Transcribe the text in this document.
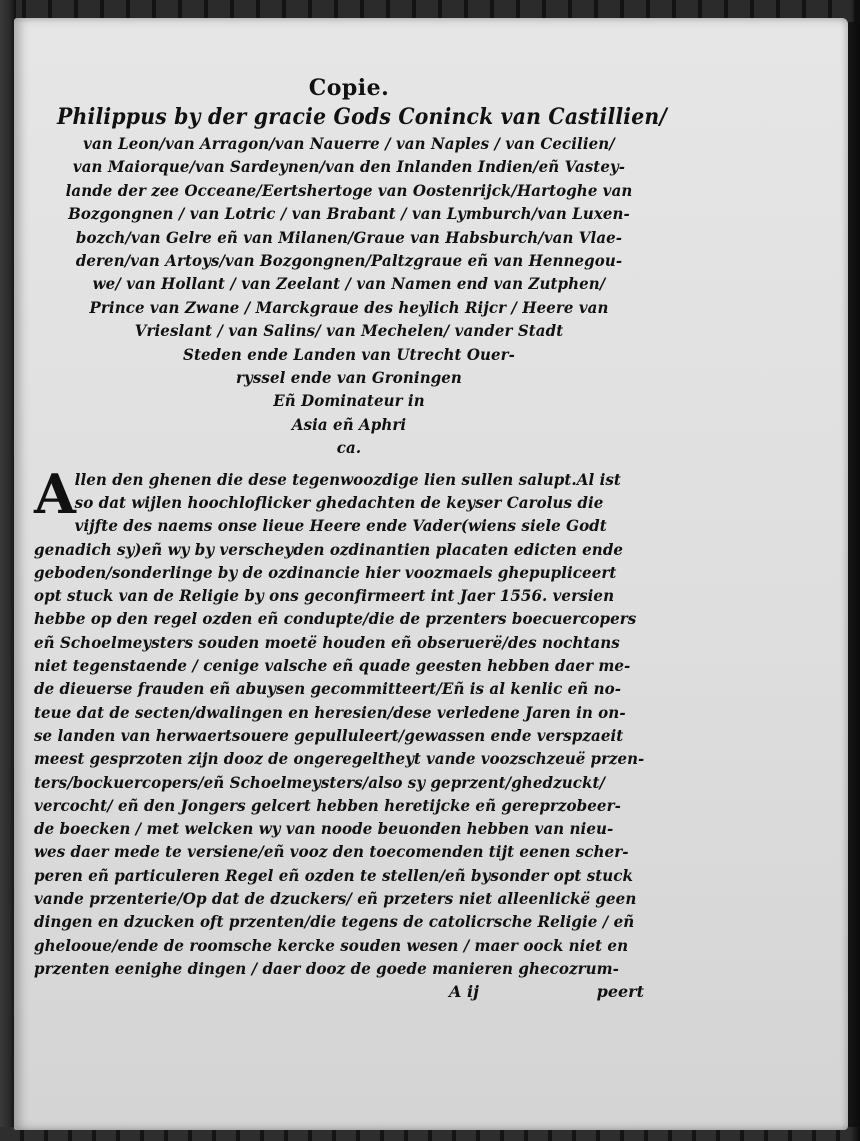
Copie.
Philippus by der gracie Gods Coninck van Castillien/
van Leon/van Arragon/van Nauerre / van Naples / van Cecilien/
van Maiorque/van Sardeynen/van den Inlanden Indien/eñ Vastey-
lande der zee Occeane/Eertshertoge van Oostenrijck/Hartoghe van
Bozgongnen / van Lotric / van Brabant / van Lymburch/van Luxen-
bozch/van Gelre eñ van Milanen/Graue van Habsburch/van Vlae-
deren/van Artoys/van Bozgongnen/Paltzgraue eñ van Hennegou-
we/ van Hollant / van Zeelant / van Namen end van Zutphen/
Prince van Zwane / Marckgraue des heylich Rijcr / Heere van
Vrieslant / van Salins/ van Mechelen/ vander Stadt
Steden ende Landen van Utrecht Ouer-
ryssel ende van Groningen
Eñ Dominateur in
Asia eñ Aphri
ca.
A
llen den ghenen die dese tegenwoozdige lien sullen salupt.Al ist
so dat wijlen hoochloflicker ghedachten de keyser Carolus die
vijfte des naems onse lieue Heere ende Vader(wiens siele Godt
genadich sy)eñ wy by verscheyden ozdinantien placaten edicten ende
geboden/sonderlinge by de ozdinancie hier voozmaels ghepupliceert
opt stuck van de Religie by ons geconfirmeert int Jaer 1556. versien
hebbe op den regel ozden eñ condupte/die de przenters boecuercopers
eñ Schoelmeysters souden moetë houden eñ obseruerë/des nochtans
niet tegenstaende / cenige valsche eñ quade geesten hebben daer me-
de dieuerse frauden eñ abuysen gecommitteert/Eñ is al kenlic eñ no-
teue dat de secten/dwalingen en heresien/dese verledene Jaren in on-
se landen van herwaertsouere gepulluleert/gewassen ende verspzaeit
meest gesprzoten zijn dooz de ongeregeltheyt vande voozschzeuë przen-
ters/bockuercopers/eñ Schoelmeysters/also sy geprzent/ghedzuckt/
vercocht/ eñ den Jongers gelcert hebben heretijcke eñ gereprzobeer-
de boecken / met welcken wy van noode beuonden hebben van nieu-
wes daer mede te versiene/eñ vooz den toecomenden tijt eenen scher-
peren eñ particuleren Regel eñ ozden te stellen/eñ bysonder opt stuck
vande przenterie/Op dat de dzuckers/ eñ przeters niet alleenlickë geen
dingen en dzucken oft przenten/die tegens de catolicrsche Religie / eñ
ghelooue/ende de roomsche kercke souden wesen / maer oock niet en
przenten eenighe dingen / daer dooz de goede manieren ghecozrum-
A ij	peert
